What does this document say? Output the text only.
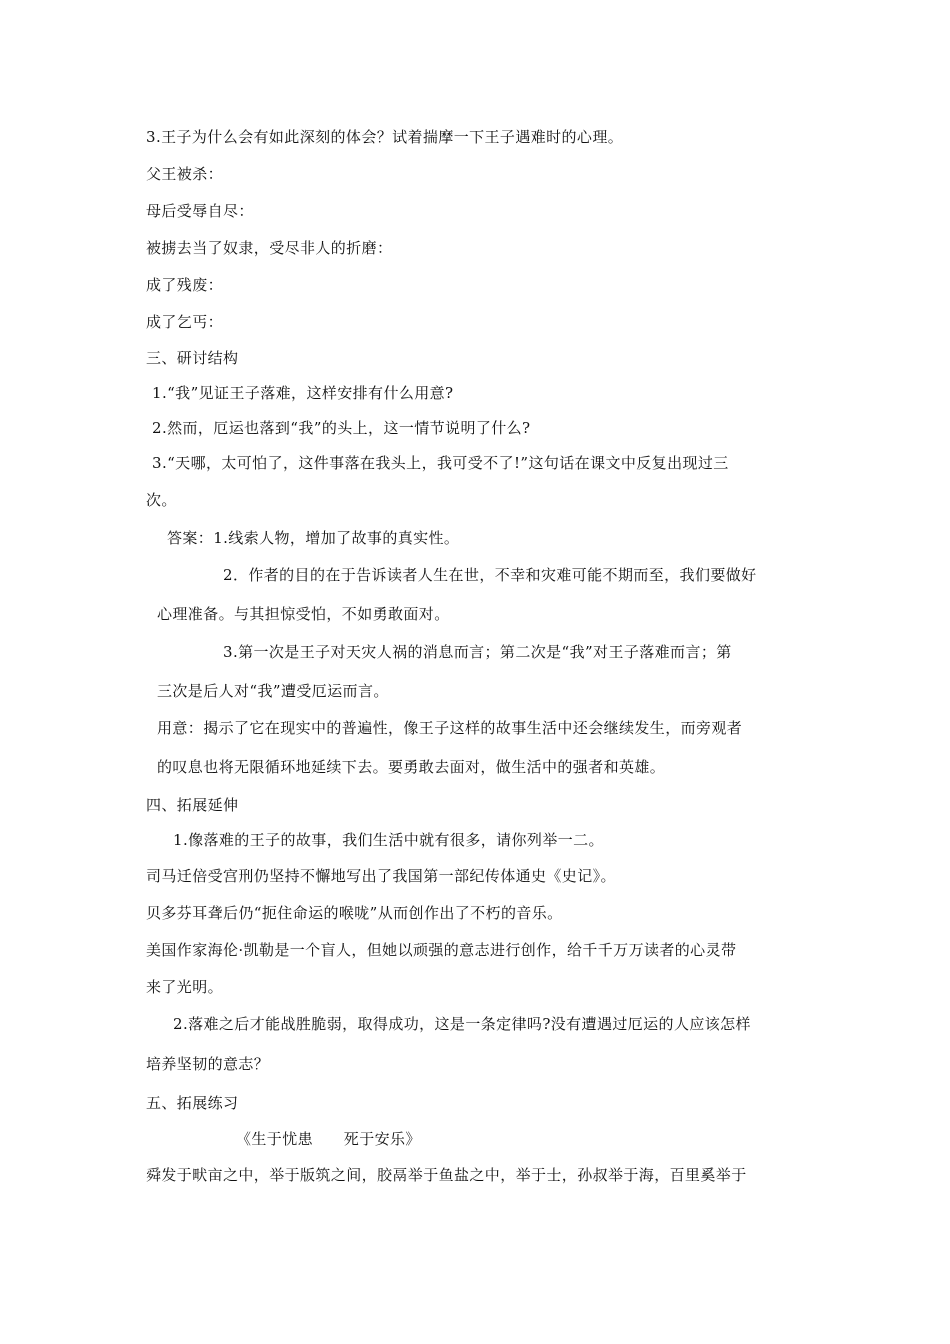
3.王子为什么会有如此深刻的体会？试着揣摩一下王子遇难时的心理。
父王被杀：
母后受辱自尽：
被掳去当了奴隶，受尽非人的折磨：
成了残废：
成了乞丐：
三、研讨结构
1.“我”见证王子落难，这样安排有什么用意?
2.然而，厄运也落到“我”的头上，这一情节说明了什么?
3.“天哪，太可怕了，这件事落在我头上，我可受不了!”这句话在课文中反复出现过三
次。
答案：1.线索人物，增加了故事的真实性。
2．作者的目的在于告诉读者人生在世，不幸和灾难可能不期而至，我们要做好
心理准备。与其担惊受怕，不如勇敢面对。
3.第一次是王子对天灾人祸的消息而言；第二次是“我”对王子落难而言；第
三次是后人对“我”遭受厄运而言。
用意：揭示了它在现实中的普遍性，像王子这样的故事生活中还会继续发生，而旁观者
的叹息也将无限循环地延续下去。要勇敢去面对，做生活中的强者和英雄。
四、拓展延伸
1.像落难的王子的故事，我们生活中就有很多，请你列举一二。
司马迁倍受宫刑仍坚持不懈地写出了我国第一部纪传体通史《史记》。
贝多芬耳聋后仍“扼住命运的喉咙”从而创作出了不朽的音乐。
美国作家海伦·凯勒是一个盲人，但她以顽强的意志进行创作，给千千万万读者的心灵带
来了光明。
2.落难之后才能战胜脆弱，取得成功，这是一条定律吗?没有遭遇过厄运的人应该怎样
培养坚韧的意志？
五、拓展练习
《生于忧患　　死于安乐》
舜发于畎亩之中，举于版筑之间，胶鬲举于鱼盐之中，举于士，孙叔举于海，百里奚举于
